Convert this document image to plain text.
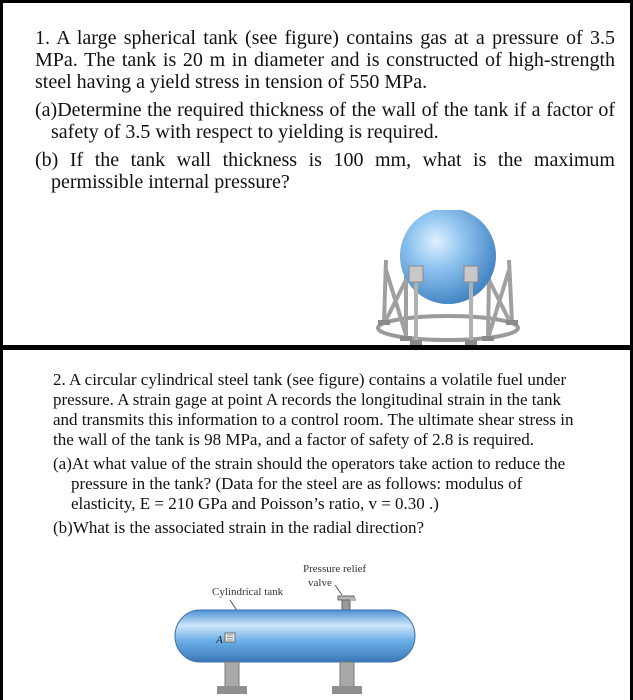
1. A large spherical tank (see figure) contains gas at a pressure of 3.5 MPa. The tank is 20 m in diameter and is constructed of high-strength steel having a yield stress in tension of 550 MPa.

(a)Determine the required thickness of the wall of the tank if a factor of safety of 3.5 with respect to yielding is required.

(b) If the tank wall thickness is 100 mm, what is the maximum permissible internal pressure?

2. A circular cylindrical steel tank (see figure) contains a volatile fuel under pressure. A strain gage at point A records the longitudinal strain in the tank and transmits this information to a control room. The ultimate shear stress in the wall of the tank is 98 MPa, and a factor of safety of 2.8 is required.

(a)At what value of the strain should the operators take action to reduce the pressure in the tank? (Data for the steel are as follows: modulus of elasticity, E = 210 GPa and Poisson’s ratio, v = 0.30 .)

(b)What is the associated strain in the radial direction?

Pressure relief
valve
Cylindrical tank
A
